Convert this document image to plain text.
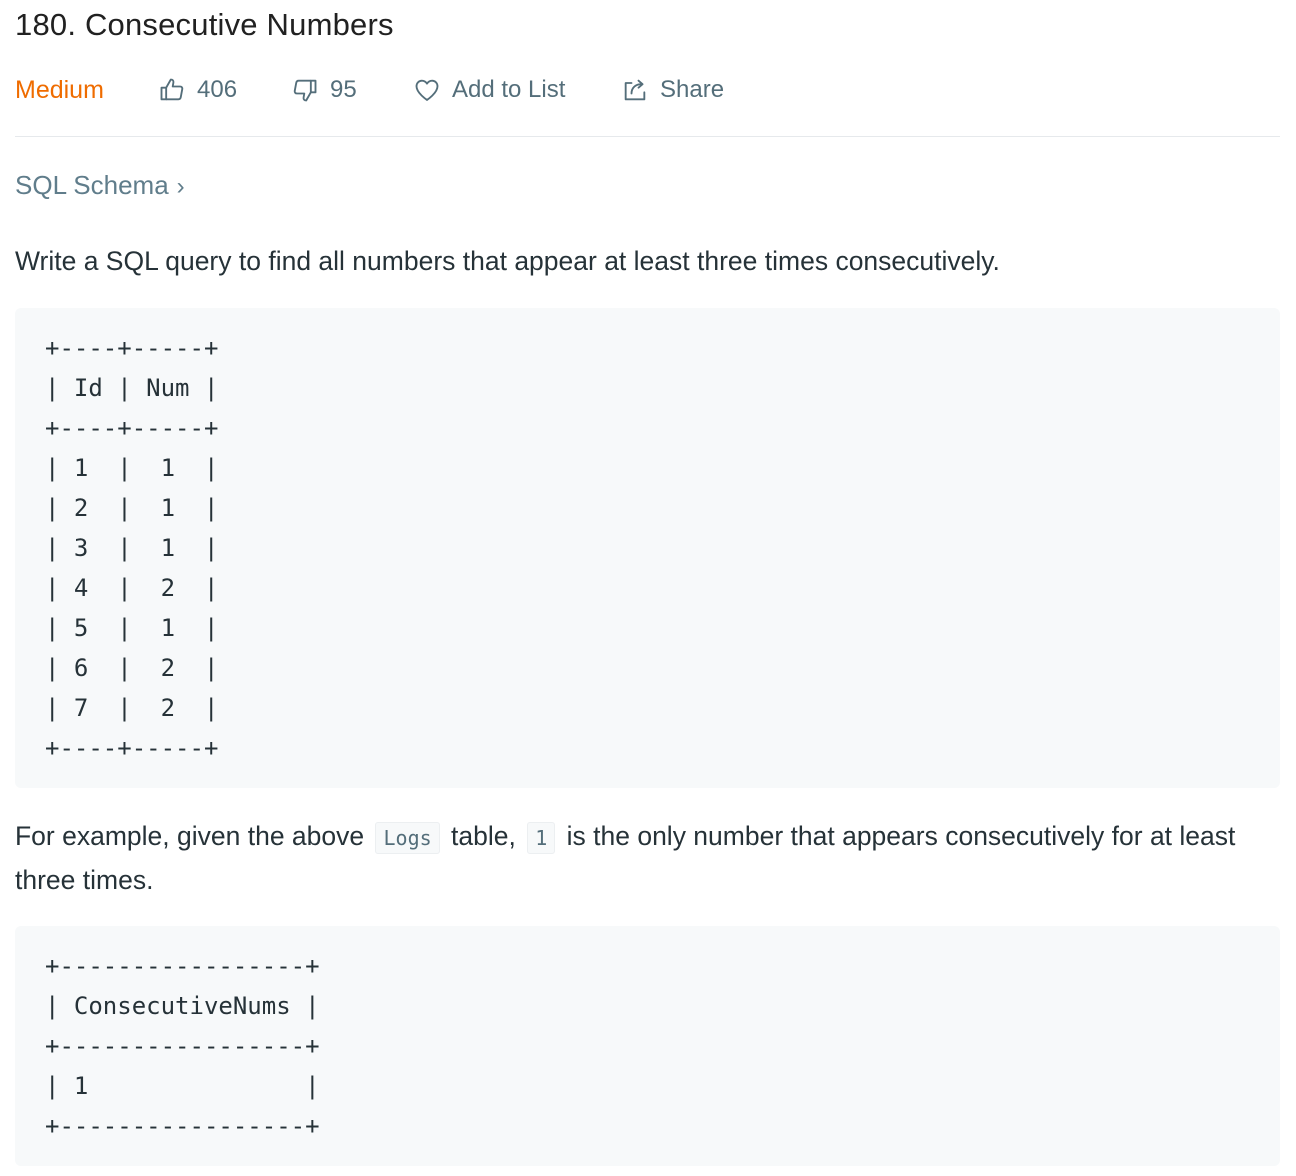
180. Consecutive Numbers
Medium	406	95	Add to List	Share
SQL Schema ›
Write a SQL query to find all numbers that appear at least three times consecutively.
+----+-----+
| Id | Num |
+----+-----+
| 1  |  1  |
| 2  |  1  |
| 3  |  1  |
| 4  |  2  |
| 5  |  1  |
| 6  |  2  |
| 7  |  2  |
+----+-----+
For example, given the above Logs table, 1 is the only number that appears consecutively for at least three times.
+-----------------+
| ConsecutiveNums |
+-----------------+
| 1               |
+-----------------+
